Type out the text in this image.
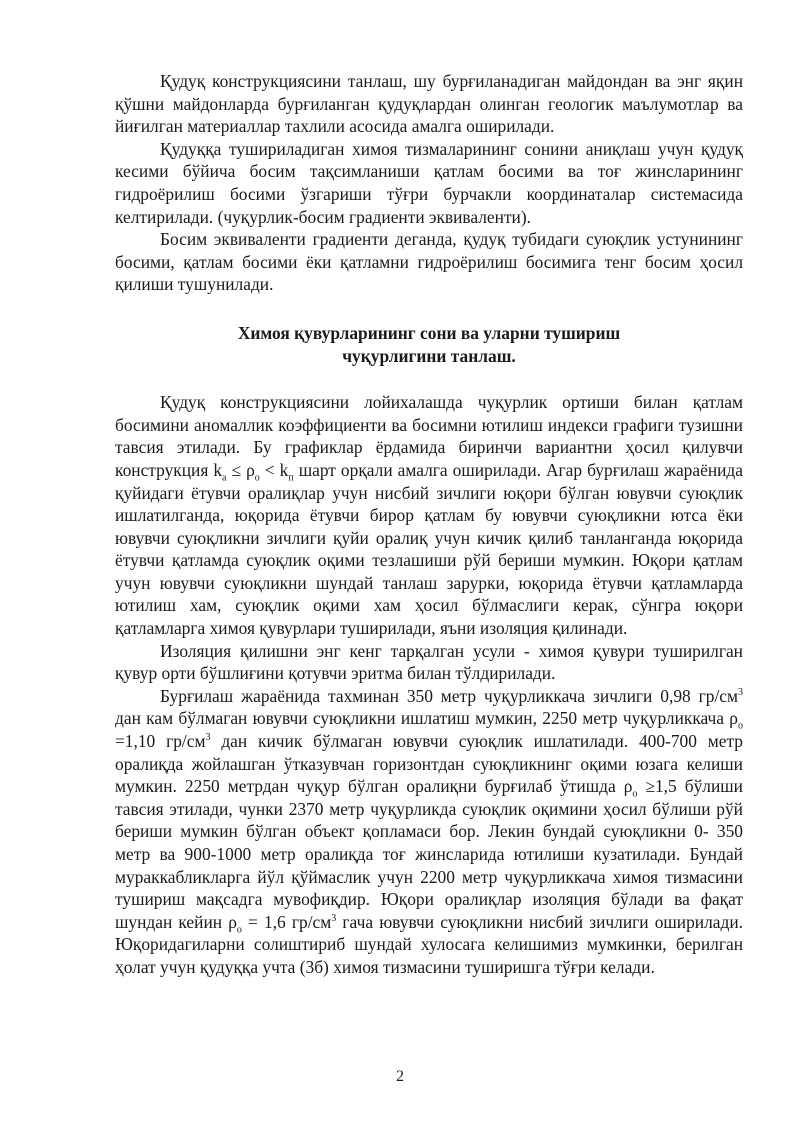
Қудуқ конструкциясини танлаш, шу бурғиланадиган майдондан ва энг яқин қўшни майдонларда бурғиланган қудуқлардан олинган геологик маълумотлар ва йиғилган материаллар тахлили асосида амалга оширилади.

Қудуққа тушириладиган химоя тизмаларининг сонини аниқлаш учун қудуқ кесими бўйича босим тақсимланиши қатлам босими ва тоғ жинсларининг гидроёрилиш босими ўзгариши тўғри бурчакли координаталар системасида келтирилади. (чуқурлик-босим градиенти эквиваленти).

Босим эквиваленти градиенти деганда, қудуқ тубидаги суюқлик устунининг босими, қатлам босими ёки қатламни гидроёрилиш босимига тенг босим ҳосил қилиши тушунилади.

Химоя қувурларининг сони ва уларни тушириш
чуқурлигини танлаш.

Қудуқ конструкциясини лойихалашда чуқурлик ортиши билан қатлам босимини аномаллик коэффициенти ва босимни ютилиш индекси графиги тузишни тавсия этилади. Бу графиклар ёрдамида биринчи вариантни ҳосил қилувчи конструкция $k_а \le \rho_о < k_п$ шарт орқали амалга оширилади. Агар бурғилаш жараёнида қуйидаги ётувчи оралиқлар учун нисбий зичлиги юқори бўлган ювувчи суюқлик ишлатилганда, юқорида ётувчи бирор қатлам бу ювувчи суюқликни ютса ёки ювувчи суюқликни зичлиги қуйи оралиқ учун кичик қилиб танланганда юқорида ётувчи қатламда суюқлик оқими тезлашиши рўй бериши мумкин. Юқори қатлам учун ювувчи суюқликни шундай танлаш зарурки, юқорида ётувчи қатламларда ютилиш хам, суюқлик оқими хам ҳосил бўлмаслиги керак, сўнгра юқори қатламларга химоя қувурлари туширилади, яъни изоляция қилинади.

Изоляция қилишни энг кенг тарқалган усули - химоя қувури туширилган қувур орти бўшлиғини қотувчи эритма билан тўлдирилади.

Бурғилаш жараёнида тахминан 350 метр чуқурликкача зичлиги 0,98 $гр/см^3$ дан кам бўлмаган ювувчи суюқликни ишлатиш мумкин, 2250 метр чуқурликкача $\rho_о =1,10$ $гр/см^3$ дан кичик бўлмаган ювувчи суюқлик ишлатилади. 400-700 метр оралиқда жойлашган ўтказувчан горизонтдан суюқликнинг оқими юзага келиши мумкин. 2250 метрдан чуқур бўлган оралиқни бурғилаб ўтишда $\rho_о \ge 1,5$ бўлиши тавсия этилади, чунки 2370 метр чуқурликда суюқлик оқимини ҳосил бўлиши рўй бериши мумкин бўлган объект қопламаси бор. Лекин бундай суюқликни 0- 350 метр ва 900-1000 метр оралиқда тоғ жинсларида ютилиши кузатилади. Бундай мураккабликларга йўл қўймаслик учун 2200 метр чуқурликкача химоя тизмасини тушириш мақсадга мувофиқдир. Юқори оралиқлар изоляция бўлади ва фақат шундан кейин $\rho_о = 1,6$ $гр/см^3$ гача ювувчи суюқликни нисбий зичлиги оширилади. Юқоридагиларни солиштириб шундай хулосага келишимиз мумкинки, берилган ҳолат учун қудуққа учта (3б) химоя тизмасини туширишга тўғри келади.

2
